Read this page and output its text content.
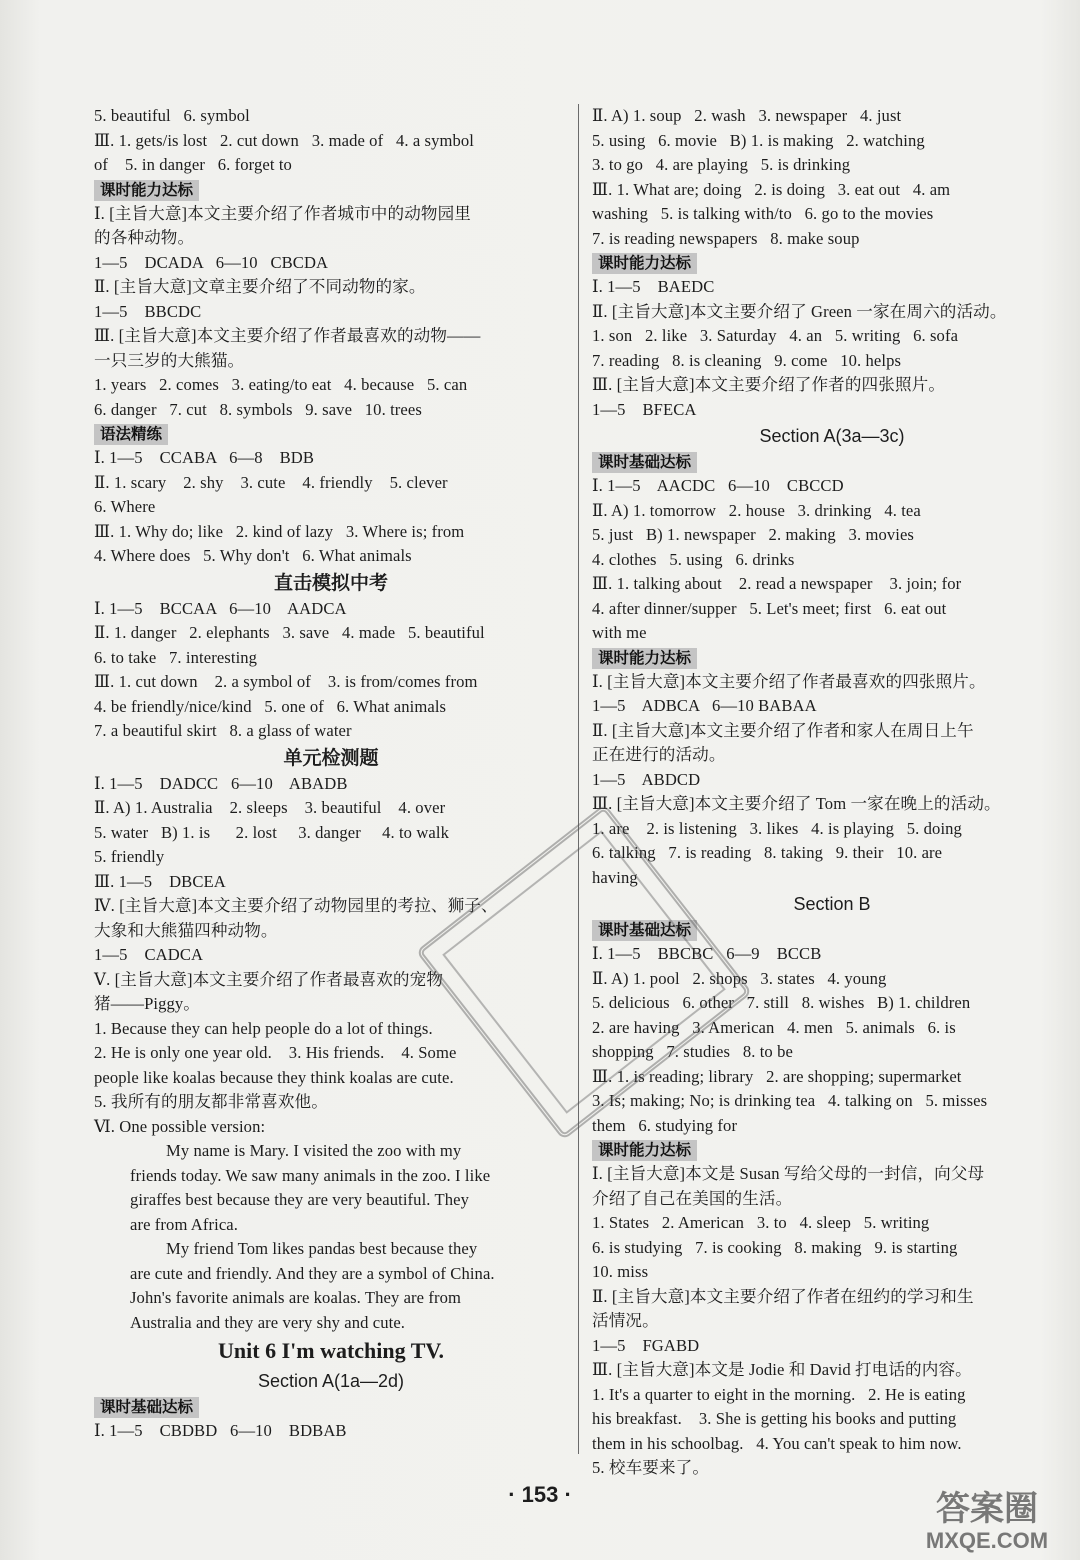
5. beautiful   6. symbol
Ⅲ. 1. gets/is lost   2. cut down   3. made of   4. a symbol
of    5. in danger   6. forget to
课时能力达标
Ⅰ. [主旨大意]本文主要介绍了作者城市中的动物园里
的各种动物。
1—5    DCADA   6—10   CBCDA
Ⅱ. [主旨大意]文章主要介绍了不同动物的家。
1—5    BBCDC
Ⅲ. [主旨大意]本文主要介绍了作者最喜欢的动物——
一只三岁的大熊猫。
1. years   2. comes   3. eating/to eat   4. because   5. can
6. danger   7. cut   8. symbols   9. save   10. trees
语法精练
Ⅰ. 1—5    CCABA   6—8    BDB
Ⅱ. 1. scary    2. shy    3. cute    4. friendly    5. clever
6. Where
Ⅲ. 1. Why do; like   2. kind of lazy   3. Where is; from
4. Where does   5. Why don't   6. What animals
直击模拟中考
Ⅰ. 1—5    BCCAA   6—10    AADCA
Ⅱ. 1. danger   2. elephants   3. save   4. made   5. beautiful
6. to take   7. interesting
Ⅲ. 1. cut down    2. a symbol of    3. is from/comes from
4. be friendly/nice/kind   5. one of   6. What animals
7. a beautiful skirt   8. a glass of water
单元检测题
Ⅰ. 1—5    DADCC   6—10    ABADB
Ⅱ. A) 1. Australia    2. sleeps    3. beautiful    4. over
5. water   B) 1. is      2. lost     3. danger     4. to walk
5. friendly
Ⅲ. 1—5    DBCEA
Ⅳ. [主旨大意]本文主要介绍了动物园里的考拉、狮子、
大象和大熊猫四种动物。
1—5    CADCA
Ⅴ. [主旨大意]本文主要介绍了作者最喜欢的宠物
猪——Piggy。
1. Because they can help people do a lot of things.
2. He is only one year old.    3. His friends.    4. Some
people like koalas because they think koalas are cute.
5. 我所有的朋友都非常喜欢他。
Ⅵ. One possible version:
My name is Mary. I visited the zoo with my
friends today. We saw many animals in the zoo. I like
giraffes best because they are very beautiful. They
are from Africa.
My friend Tom likes pandas best because they
are cute and friendly. And they are a symbol of China.
John's favorite animals are koalas. They are from
Australia and they are very shy and cute.
Unit 6 I'm watching TV.
Section A(1a—2d)
课时基础达标
Ⅰ. 1—5    CBDBD   6—10    BDBAB
Ⅱ. A) 1. soup   2. wash   3. newspaper   4. just
5. using   6. movie   B) 1. is making   2. watching
3. to go   4. are playing   5. is drinking
Ⅲ. 1. What are; doing   2. is doing   3. eat out   4. am
washing   5. is talking with/to   6. go to the movies
7. is reading newspapers   8. make soup
课时能力达标
Ⅰ. 1—5    BAEDC
Ⅱ. [主旨大意]本文主要介绍了 Green 一家在周六的活动。
1. son   2. like   3. Saturday   4. an   5. writing   6. sofa
7. reading   8. is cleaning   9. come   10. helps
Ⅲ. [主旨大意]本文主要介绍了作者的四张照片。
1—5    BFECA
Section A(3a—3c)
课时基础达标
Ⅰ. 1—5    AACDC   6—10    CBCCD
Ⅱ. A) 1. tomorrow   2. house   3. drinking   4. tea
5. just   B) 1. newspaper   2. making   3. movies
4. clothes   5. using   6. drinks
Ⅲ. 1. talking about    2. read a newspaper    3. join; for
4. after dinner/supper   5. Let's meet; first   6. eat out
with me
课时能力达标
Ⅰ. [主旨大意]本文主要介绍了作者最喜欢的四张照片。
1—5    ADBCA   6—10 BABAA
Ⅱ. [主旨大意]本文主要介绍了作者和家人在周日上午
正在进行的活动。
1—5    ABDCD
Ⅲ. [主旨大意]本文主要介绍了 Tom 一家在晚上的活动。
1. are    2. is listening   3. likes   4. is playing   5. doing
6. talking   7. is reading   8. taking   9. their   10. are
having
Section B
课时基础达标
Ⅰ. 1—5    BBCBC   6—9    BCCB
Ⅱ. A) 1. pool   2. shops   3. states   4. young
5. delicious   6. other   7. still   8. wishes   B) 1. children
2. are having   3. American   4. men   5. animals   6. is
shopping   7. studies   8. to be
Ⅲ. 1. is reading; library   2. are shopping; supermarket
3. Is; making; No; is drinking tea   4. talking on   5. misses
them   6. studying for
课时能力达标
Ⅰ. [主旨大意]本文是 Susan 写给父母的一封信，向父母
介绍了自己在美国的生活。
1. States   2. American   3. to   4. sleep   5. writing
6. is studying   7. is cooking   8. making   9. is starting
10. miss
Ⅱ. [主旨大意]本文主要介绍了作者在纽约的学习和生
活情况。
1—5    FGABD
Ⅲ. [主旨大意]本文是 Jodie 和 David 打电话的内容。
1. It's a quarter to eight in the morning.   2. He is eating
his breakfast.    3. She is getting his books and putting
them in his schoolbag.   4. You can't speak to him now.
5. 校车要来了。
· 153 ·	答案圈
MXQE.COM
